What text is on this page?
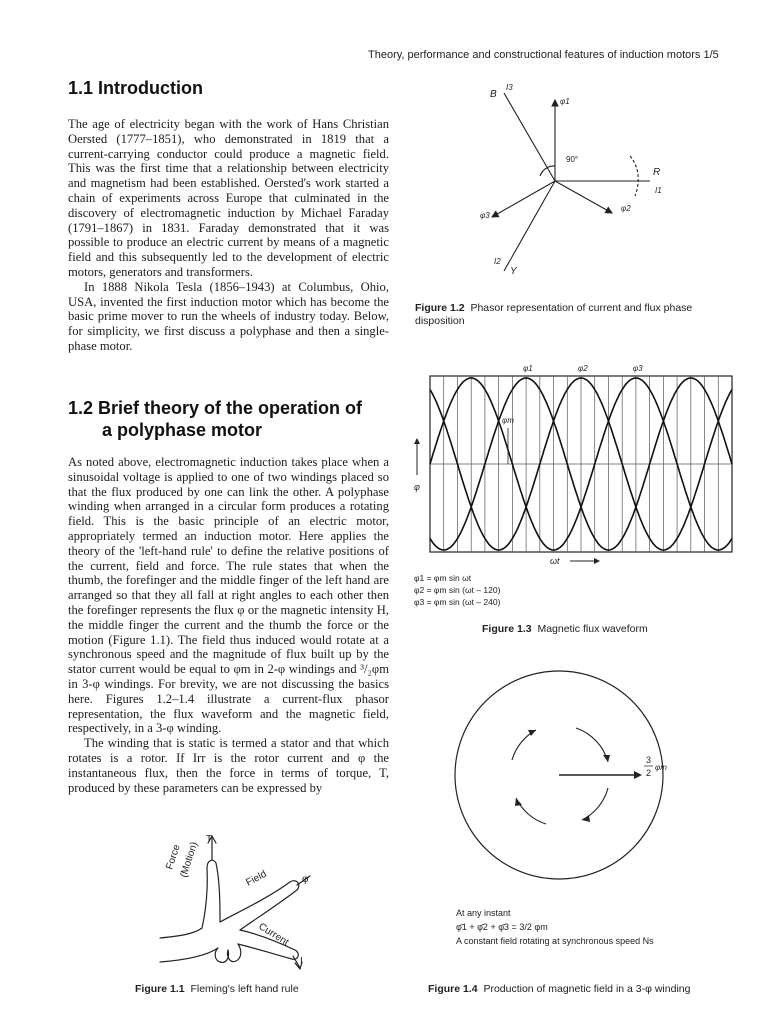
Theory, performance and constructional features of induction motors 1/5
1.1 Introduction

The age of electricity began with the work of Hans Christian Oersted (1777–1851), who demonstrated in 1819 that a current-carrying conductor could produce a magnetic field. This was the first time that a relationship between electricity and magnetism had been established. Oersted's work started a chain of experiments across Europe that culminated in the discovery of electromagnetic induction by Michael Faraday (1791–1867) in 1831. Faraday demonstrated that it was possible to produce an electric current by means of a magnetic field and this subsequently led to the development of electric motors, generators and transformers.

In 1888 Nikola Tesla (1856–1943) at Columbus, Ohio, USA, invented the first induction motor which has become the basic prime mover to run the wheels of industry today. Below, for simplicity, we first discuss a polyphase and then a single-phase motor.

1.2 Brief theory of the operation of
a polyphase motor

As noted above, electromagnetic induction takes place when a sinusoidal voltage is applied to one of two windings placed so that the flux produced by one can link the other. A polyphase winding when arranged in a circular form produces a rotating field. This is the basic principle of an electric motor, appropriately termed an induction motor. Here applies the theory of the 'left-hand rule' to define the relative positions of the current, field and force. The rule states that when the thumb, the forefinger and the middle finger of the left hand are arranged so that they all fall at right angles to each other then the forefinger represents the flux φ or the magnetic intensity H, the middle finger the current and the thumb the force or the motion (Figure 1.1). The field thus induced would rotate at a synchronous speed and the magnitude of flux built up by the stator current would be equal to φm in 2-φ windings and ³/₂φm in 3-φ windings. For brevity, we are not discussing the basics here. Figures 1.2–1.4 illustrate a current-flux phasor representation, the flux waveform and the magnetic field, respectively, in a 3-φ winding.

The winding that is static is termed a stator and that which rotates is a rotor. If Irr is the rotor current and φ the instantaneous flux, then the force in terms of torque, T, produced by these parameters can be expressed by

Force
(Motion)
T
Field	φ
Current
I
Figure 1.1 Fleming's left hand rule
B
I3
φ1
90°
R
I1
φ2
φ3
I2
Y
Figure 1.2 Phasor representation of current and flux phase disposition
φ1	φ2	φ3
φm
φ
ωt
φ1 = φm sin ωt
φ2 = φm sin (ωt – 120)
φ3 = φm sin (ωt – 240)
Figure 1.3 Magnetic flux waveform
3
2
φm
At any instant
φ̄1 + φ̄2 + φ̄3 = 3/2 φm
A constant field rotating at synchronous speed Ns
Figure 1.4 Production of magnetic field in a 3-φ winding
